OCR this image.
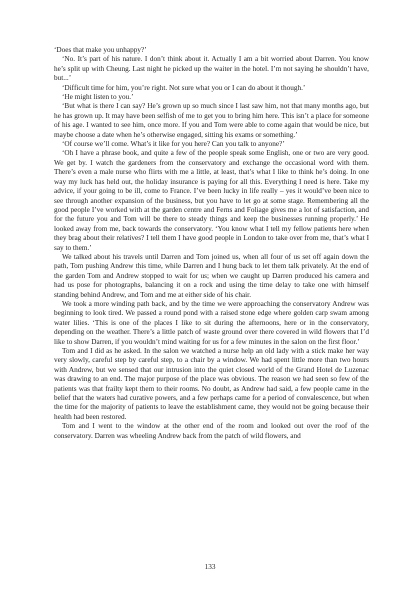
‘Does that make you unhappy?’

‘No. It’s part of his nature. I don’t think about it. Actually I am a bit worried about Darren. You know he’s split up with Cheung. Last night he picked up the waiter in the hotel. I’m not saying he shouldn’t have, but...’

‘Difficult time for him, you’re right. Not sure what you or I can do about it though.’

‘He might listen to you.’

‘But what is there I can say? He’s grown up so much since I last saw him, not that many months ago, but he has grown up. It may have been selfish of me to get you to bring him here. This isn’t a place for someone of his age. I wanted to see him, once more. If you and Tom were able to come again that would be nice, but maybe choose a date when he’s otherwise engaged, sitting his exams or something.’

‘Of course we’ll come. What’s it like for you here? Can you talk to anyone?’

‘Oh I have a phrase book, and quite a few of the people speak some English, one or two are very good. We get by. I watch the gardeners from the conservatory and exchange the occasional word with them. There’s even a male nurse who flirts with me a little, at least, that’s what I like to think he’s doing. In one way my luck has held out, the holiday insurance is paying for all this. Everything I need is here. Take my advice, if your going to be ill, come to France. I’ve been lucky in life really – yes it would’ve been nice to see through another expansion of the business, but you have to let go at some stage. Remembering all the good people I’ve worked with at the garden centre and Ferns and Foliage gives me a lot of satisfaction, and for the future you and Tom will be there to steady things and keep the businesses running properly.’ He looked away from me, back towards the conservatory. ‘You know what I tell my fellow patients here when they brag about their relatives? I tell them I have good people in London to take over from me, that’s what I say to them.’

We talked about his travels until Darren and Tom joined us, when all four of us set off again down the path, Tom pushing Andrew this time, while Darren and I hung back to let them talk privately. At the end of the garden Tom and Andrew stopped to wait for us; when we caught up Darren produced his camera and had us pose for photographs, balancing it on a rock and using the time delay to take one with himself standing behind Andrew, and Tom and me at either side of his chair.

We took a more winding path back, and by the time we were approaching the conservatory Andrew was beginning to look tired. We passed a round pond with a raised stone edge where golden carp swam among water lilies. ‘This is one of the places I like to sit during the afternoons, here or in the conservatory, depending on the weather. There’s a little patch of waste ground over there covered in wild flowers that I’d like to show Darren, if you wouldn’t mind waiting for us for a few minutes in the salon on the first floor.’

Tom and I did as he asked. In the salon we watched a nurse help an old lady with a stick make her way very slowly, careful step by careful step, to a chair by a window. We had spent little more than two hours with Andrew, but we sensed that our intrusion into the quiet closed world of the Grand Hotel de Luzenac was drawing to an end. The major purpose of the place was obvious. The reason we had seen so few of the patients was that frailty kept them to their rooms. No doubt, as Andrew had said, a few people came in the belief that the waters had curative powers, and a few perhaps came for a period of convalescence, but when the time for the majority of patients to leave the establishment came, they would not be going because their health had been restored.

Tom and I went to the window at the other end of the room and looked out over the roof of the conservatory. Darren was wheeling Andrew back from the patch of wild flowers, and

133
